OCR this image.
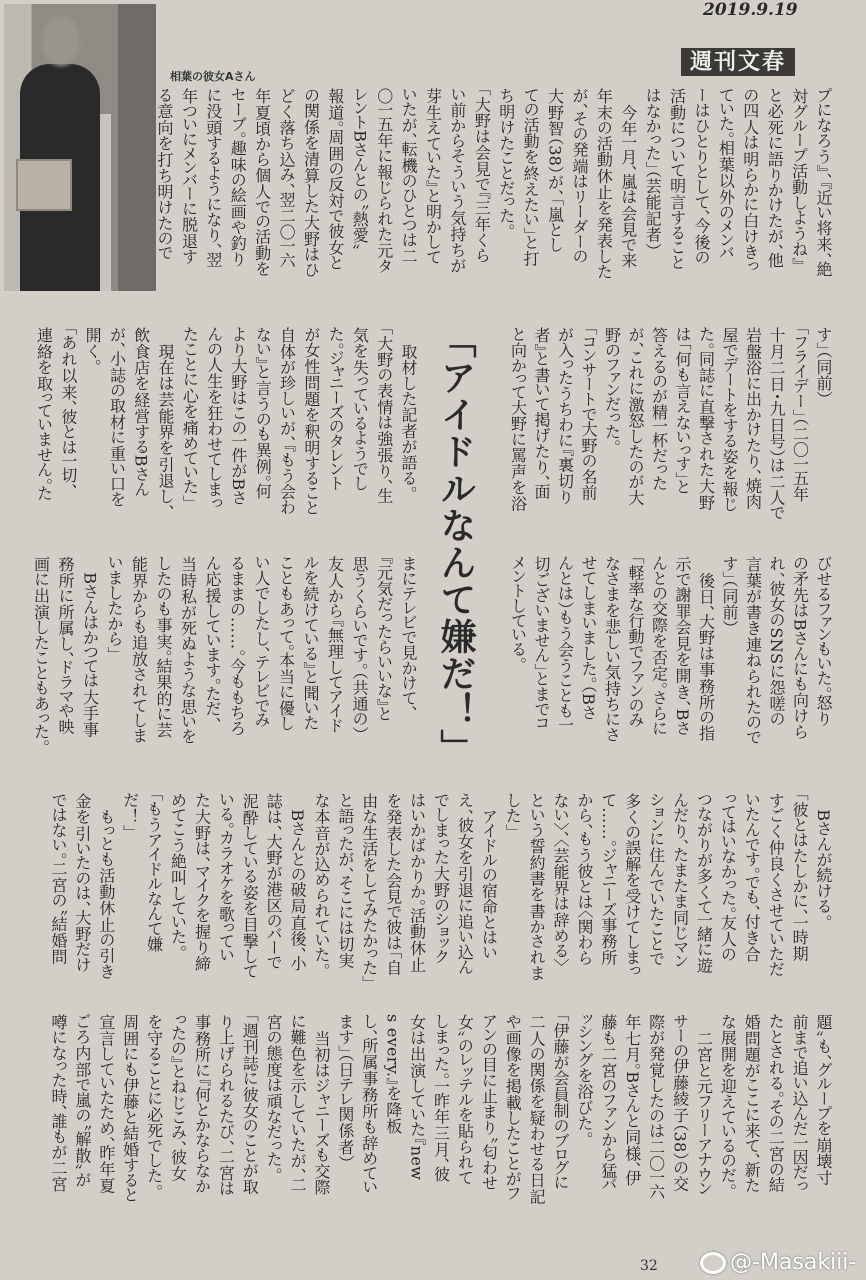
2019.9.19
週刊文春
相葉の彼女Aさん
プになろう』、『近い将来、絶
対グループ活動しようね』
と必死に語りかけたが、他
の四人は明らかに白けきっ
ていた。相葉以外のメンバ
ーはひとりとして、今後の
活動について明言すること
はなかった」（芸能記者）
　今年一月、嵐は会見で来
年末の活動休止を発表した
が、その発端はリーダーの
大野智（38）が、「嵐とし
ての活動を終えたい」と打
ち明けたことだった。
「大野は会見で『三年くら
い前からそういう気持ちが
芽生えていた』と明かして
いたが、転機のひとつは二
〇一五年に報じられた元タ
レントBさんとの〝熱愛〟
報道。周囲の反対で彼女と
の関係を清算した大野はひ
どく落ち込み、翌二〇一六
年夏頃から個人での活動を
セーブ。趣味の絵画や釣り
に没頭するようになり、翌
年ついにメンバーに脱退す
る意向を打ち明けたので
す」（同前）
「フライデー」（二〇一五年
十月二日・九日号）は二人で
岩盤浴に出かけたり、焼肉
屋でデートをする姿を報じ
た。同誌に直撃された大野
は「何も言えないっす」と
答えるのが精一杯だった
が、これに激怒したのが大
野のファンだった。
「コンサートで大野の名前
が入ったうちわに『裏切り
者』と書いて掲げたり、面
と向かって大野に罵声を浴
　取材した記者が語る。
「大野の表情は強張り、生
気を失っているようでし
た。ジャニーズのタレント
が女性問題を釈明すること
自体が珍しいが、『もう会わ
ない』と言うのも異例。何
より大野はこの一件がBさ
んの人生を狂わせてしまっ
たことに心を痛めていた」
　現在は芸能界を引退し、
飲食店を経営するBさん
が、小誌の取材に重い口を
開く。
「あれ以来、彼とは一切、
連絡を取っていません。た
びせるファンもいた。怒り
の矛先はBさんにも向けら
れ、彼女のSNSに怨嗟の
言葉が書き連ねられたので
す」（同前）
　後日、大野は事務所の指
示で謝罪会見を開き、Bさ
んとの交際を否定。さらに
「軽率な行動でファンのみ
なさまを悲しい気持ちにさ
せてしまいました。（Bさ
んとは）もう会うことも一
切ございません」とまでコ
メントしている。
まにテレビで見かけて、
『元気だったらいいな』と
思うくらいです。（共通の）
友人から『無理してアイド
ルを続けている』と聞いた
こともあって。本当に優し
い人でしたし、テレビでみ
るままの……。今ももちろ
ん応援しています。ただ、
当時私が死ぬような思いを
したのも事実。結果的に芸
能界からも追放されてしま
いましたから」
　Bさんはかつては大手事
務所に所属し、ドラマや映
画に出演したこともあった。
　Bさんが続ける。
「彼とはたしかに、一時期
すごく仲良くさせていただ
いたんです。でも、付き合
ってはいなかった。友人の
つながりが多くて一緒に遊
んだり、たまたま同じマン
ションに住んでいたことで
多くの誤解を受けてしまっ
て……。ジャニーズ事務所
から、もう彼とは〈関わら
ない〉、〈芸能界は辞める〉
という誓約書を書かされま
した」
　アイドルの宿命とはい
え、彼女を引退に追い込ん
でしまった大野のショック
はいかばかりか。活動休止
を発表した会見で彼は「自
由な生活をしてみたかった」
と語ったが、そこには切実
な本音が込められていた。
　Bさんとの破局直後、小
誌は、大野が港区のバーで
泥酔している姿を目撃して
いる。カラオケを歌ってい
た大野は、マイクを握り締
めてこう絶叫していた。
「もうアイドルなんて嫌
だ！」
　もっとも活動休止の引き
金を引いたのは、大野だけ
ではない。二宮の〝結婚問
題〟も、グループを崩壊寸
前まで追い込んだ一因だっ
たとされる。その二宮の結
婚問題がここに来て、新た
な展開を迎えているのだ。
　二宮と元フリーアナウン
サーの伊藤綾子（38）の交
際が発覚したのは二〇一六
年七月。Bさんと同様、伊
藤も二宮のファンから猛バ
ッシングを浴びた。
「伊藤が会員制のブログに
二人の関係を疑わせる日記
や画像を掲載したことがフ
アンの目に止まり〝匂わせ
女〟のレッテルを貼られて
しまった。一昨年三月、彼
女は出演していた『new
s every.』を降板
し、所属事務所も辞めてい
ます」（日テレ関係者）
　当初はジャニーズも交際
に難色を示していたが、二
宮の態度は頑なだった。
「週刊誌に彼女のことが取
り上げられるたび、二宮は
事務所に『何とかならなか
ったの』とねじこみ、彼女
を守ることに必死でした。
周囲にも伊藤と結婚すると
宣言していたため、昨年夏
ごろ内部で嵐の〝解散〟が
噂になった時、誰もが二宮
「アイドルなんて嫌だ！」
32	@-Masakiii-
